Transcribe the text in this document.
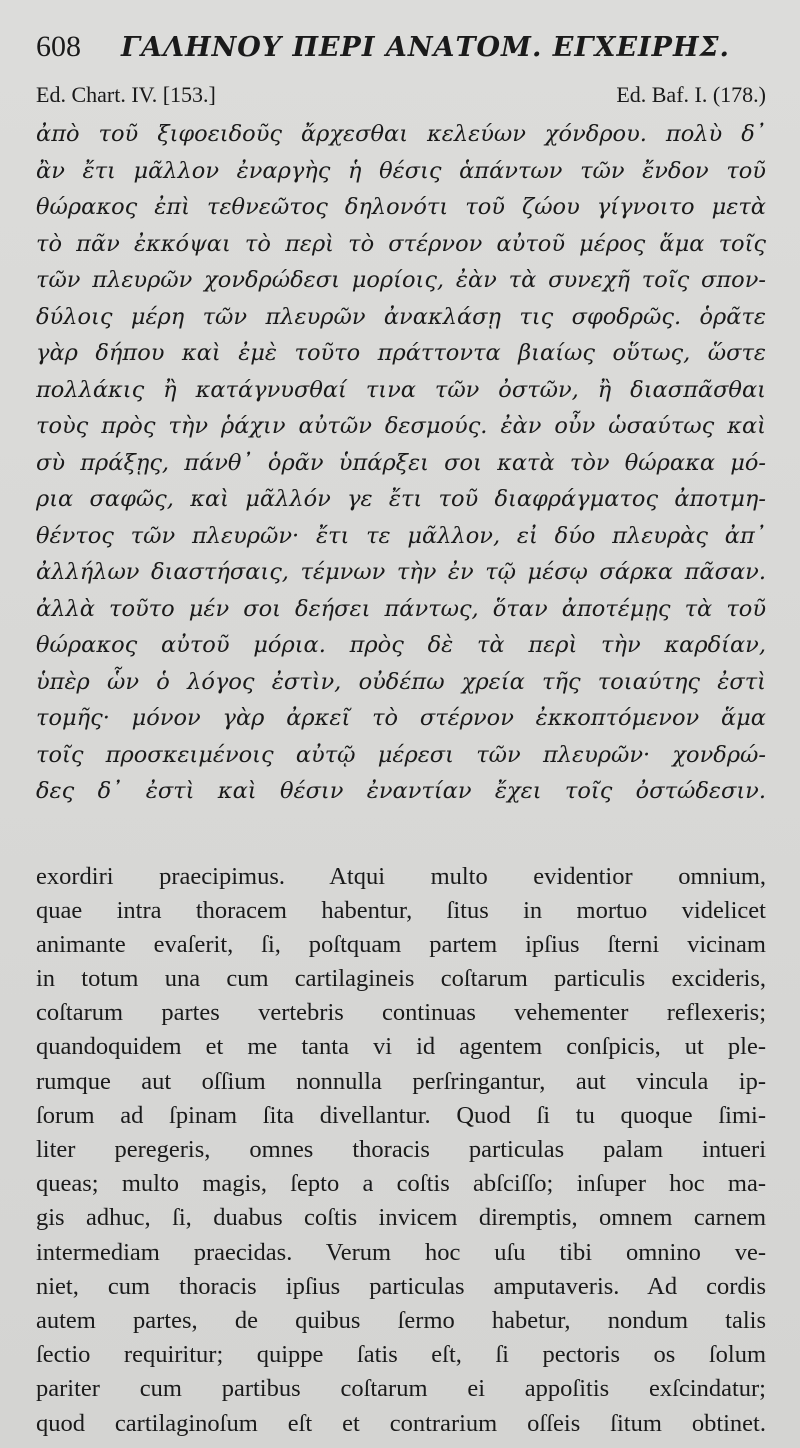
608 ΓΑΛΗΝΟΥ ΠΕΡΙ ΑΝΑΤΟΜ. ΕΓΧΕΙΡΗΣ.
Ed. Chart. IV. [153.]	Ed. Baf. I. (178.)
ἀπὸ τοῦ ξιφοειδοῦς ἄρχεσθαι κελεύων χόνδρου. πολὺ δ᾽
ἂν ἔτι μᾶλλον ἐναργὴς ἡ θέσις ἁπάντων τῶν ἔνδον τοῦ
θώρακος ἐπὶ τεθνεῶτος δηλονότι τοῦ ζώου γίγνοιτο μετὰ
τὸ πᾶν ἐκκόψαι τὸ περὶ τὸ στέρνον αὐτοῦ μέρος ἅμα τοῖς
τῶν πλευρῶν χονδρώδεσι μορίοις, ἐὰν τὰ συνεχῆ τοῖς σπον-
δύλοις μέρη τῶν πλευρῶν ἀνακλάσῃ τις σφοδρῶς. ὁρᾶτε
γὰρ δήπου καὶ ἐμὲ τοῦτο πράττοντα βιαίως οὕτως, ὥστε
πολλάκις ἢ κατάγνυσθαί τινα τῶν ὀστῶν, ἢ διασπᾶσθαι
τοὺς πρὸς τὴν ῥάχιν αὐτῶν δεσμούς. ἐὰν οὖν ὡσαύτως καὶ
σὺ πράξῃς, πάνθ᾽ ὁρᾶν ὑπάρξει σοι κατὰ τὸν θώρακα μό-
ρια σαφῶς, καὶ μᾶλλόν γε ἔτι τοῦ διαφράγματος ἀποτμη-
θέντος τῶν πλευρῶν· ἔτι τε μᾶλλον, εἰ δύο πλευρὰς ἀπ᾽
ἀλλήλων διαστήσαις, τέμνων τὴν ἐν τῷ μέσῳ σάρκα πᾶσαν.
ἀλλὰ τοῦτο μέν σοι δεήσει πάντως, ὅταν ἀποτέμῃς τὰ τοῦ
θώρακος αὐτοῦ μόρια. πρὸς δὲ τὰ περὶ τὴν καρδίαν,
ὑπὲρ ὧν ὁ λόγος ἐστὶν, οὐδέπω χρεία τῆς τοιαύτης ἐστὶ
τομῆς· μόνον γὰρ ἀρκεῖ τὸ στέρνον ἐκκοπτόμενον ἅμα
τοῖς προσκειμένοις αὐτῷ μέρεσι τῶν πλευρῶν· χονδρώ-
δες δ᾽ ἐστὶ καὶ θέσιν ἐναντίαν ἔχει τοῖς ὀστώδεσιν.
exordiri praecipimus. Atqui multo evidentior omnium,
quae intra thoracem habentur, ſitus in mortuo videlicet
animante evaſerit, ſi, poſtquam partem ipſius ſterni vicinam
in totum una cum cartilagineis coſtarum particulis excideris,
coſtarum partes vertebris continuas vehementer reflexeris;
quandoquidem et me tanta vi id agentem conſpicis, ut ple-
rumque aut oſſium nonnulla perſringantur, aut vincula ip-
ſorum ad ſpinam ſita divellantur. Quod ſi tu quoque ſimi-
liter peregeris, omnes thoracis particulas palam intueri
queas; multo magis, ſepto a coſtis abſciſſo; inſuper hoc ma-
gis adhuc, ſi, duabus coſtis invicem diremptis, omnem carnem
intermediam praecidas. Verum hoc uſu tibi omnino ve-
niet, cum thoracis ipſius particulas amputaveris. Ad cordis
autem partes, de quibus ſermo habetur, nondum talis
ſectio requiritur; quippe ſatis eſt, ſi pectoris os ſolum
pariter cum partibus coſtarum ei appoſitis exſcindatur;
quod cartilaginoſum eſt et contrarium oſſeis ſitum obtinet.
